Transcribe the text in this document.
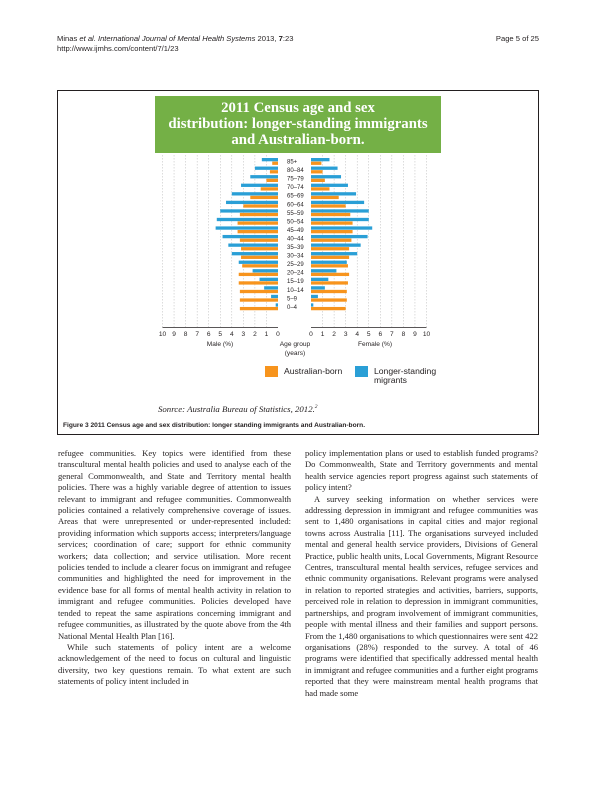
Minas et al. International Journal of Mental Health Systems 2013, 7:23
http://www.ijmhs.com/content/7/1/23
Page 5 of 25
2011 Census age and sex
distribution: longer-standing immigrants
and Australian-born.
85+
80–84
75–79
70–74
65–69
60–64
55–59
50–54
45–49
40–44
35–39
30–34
25–29
20–24
15–19
10–14
5–9
0–4
10 9 8 7 6 5 4 3 2 1 0	0 1 2 3 4 5 6 7 8 9 10
Male (%)	Age group
(years)
Female (%)
Australian-born	Longer-standing
migrants
Sonrce: Australia Bureau of Statistics, 2012.$^2$
Figure 3 2011 Census age and sex distribution: longer standing immigrants and Australian-born.

refugee communities. Key topics were identified from these transcultural mental health policies and used to analyse each of the general Commonwealth, and State and Territory mental health policies. There was a highly variable degree of attention to issues relevant to immigrant and refugee communities. Commonwealth policies contained a relatively comprehensive coverage of issues. Areas that were unrepresented or under-represented included: providing information which supports access; interpreters/language services; coordination of care; support for ethnic community workers; data collection; and service utilisation. More recent policies tended to include a clearer focus on immigrant and refugee communities and highlighted the need for improvement in the evidence base for all forms of mental health activity in relation to immigrant and refugee communities. Policies developed have tended to repeat the same aspirations concerning immigrant and refugee communities, as illustrated by the quote above from the 4th National Mental Health Plan [16].

While such statements of policy intent are a welcome acknowledgement of the need to focus on cultural and linguistic diversity, two key questions remain. To what extent are such statements of policy intent included in

policy implementation plans or used to establish funded programs? Do Commonwealth, State and Territory governments and mental health service agencies report progress against such statements of policy intent?

A survey seeking information on whether services were addressing depression in immigrant and refugee communities was sent to 1,480 organisations in capital cities and major regional towns across Australia [11]. The organisations surveyed included mental and general health service providers, Divisions of General Practice, public health units, Local Governments, Migrant Resource Centres, transcultural mental health services, refugee services and ethnic community organisations. Relevant programs were analysed in relation to reported strategies and activities, barriers, supports, perceived role in relation to depression in immigrant communities, partnerships, and program involvement of immigrant communities, people with mental illness and their families and support persons. From the 1,480 organisations to which questionnaires were sent 422 organisations (28%) responded to the survey. A total of 46 programs were identified that specifically addressed mental health in immigrant and refugee communities and a further eight programs reported that they were mainstream mental health programs that had made some
